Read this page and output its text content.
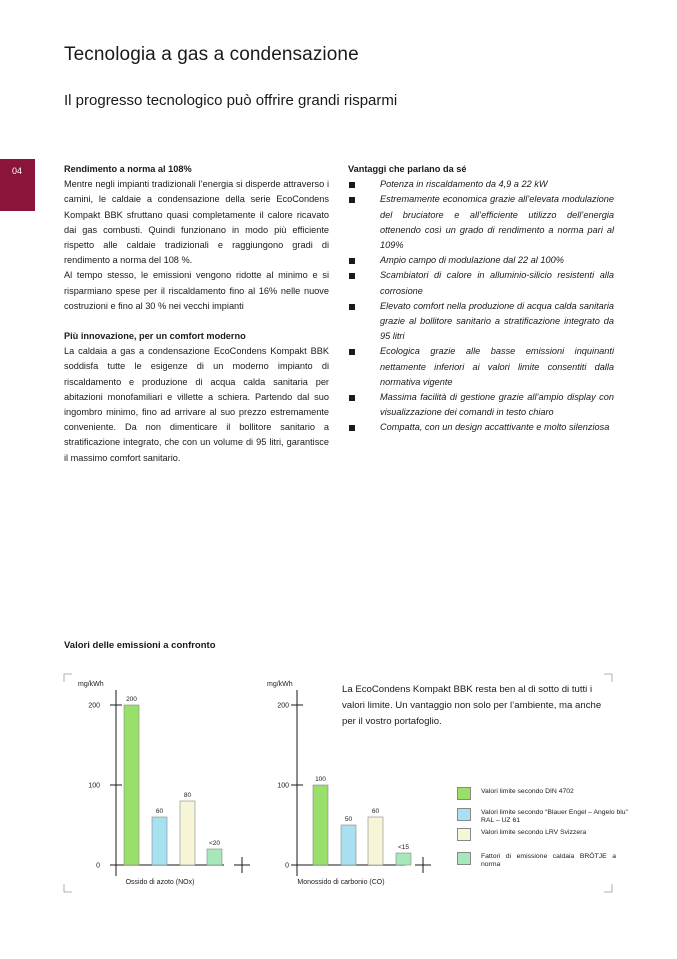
04
Tecnologia a gas a condensazione
Il progresso tecnologico può offrire grandi risparmi
Rendimento a norma al 108%

Mentre negli impianti tradizionali l’energia si disperde attraverso i camini, le caldaie a condensazione della serie EcoCondens Kompakt BBK sfruttano quasi completamente il calore ricavato dai gas combusti. Quindi funzionano in modo più efficiente rispetto alle caldaie tradizionali e raggiungono gradi di rendimento a norma del 108 %.

Al tempo stesso, le emissioni vengono ridotte al minimo e si risparmiano spese per il riscaldamento fino al 16% nelle nuove costruzioni e fino al 30 % nei vecchi impianti

Più innovazione, per un comfort moderno

La caldaia a gas a condensazione EcoCondens Kompakt BBK soddisfa tutte le esigenze di un moderno impianto di riscaldamento e produzione di acqua calda sanitaria per abitazioni monofamiliari e villette a schiera. Partendo dal suo ingombro minimo, fino ad arrivare al suo prezzo estremamente conveniente. Da non dimenticare il bollitore sanitario a stratificazione integrato, che con un volume di 95 litri, garantisce il massimo comfort sanitario.

Vantaggi che parlano da sé
Potenza in riscaldamento da 4,9 a 22 kW
Estremamente economica grazie all’elevata modulazione del bruciatore e all’efficiente utilizzo dell’energia ottenendo così un grado di rendimento a norma pari al 109%
Ampio campo di modulazione dal 22 al 100%
Scambiatori di calore in alluminio-silicio resistenti alla corrosione
Elevato comfort nella produzione di acqua calda sanitaria grazie al bollitore sanitario a stratificazione integrato da 95 litri
Ecologica grazie alle basse emissioni inquinanti nettamente inferiori ai valori limite consentiti dalla normativa vigente
Massima facilità di gestione grazie all’ampio display con visualizzazione dei comandi in testo chiaro
Compatta, con un design accattivante e molto silenziosa
Valori delle emissioni a confronto
mg/kWh
0
100
200
200
60
80
<20
Ossido di azoto (NOx)
mg/kWh
0
100
200
100
50
60
<15
Monossido di carbonio (CO)
La EcoCondens Kompakt BBK resta ben al di sotto di tutti i valori limite. Un vantaggio non solo per l’ambiente, ma anche per il vostro portafoglio.
Valori limite secondo DIN 4702
Valori limite secondo “Blauer Engel – Angelo blu” RAL – UZ 61
Valori limite secondo LRV Svizzera
Fattori di emissione caldaia BRÖTJE a norma
